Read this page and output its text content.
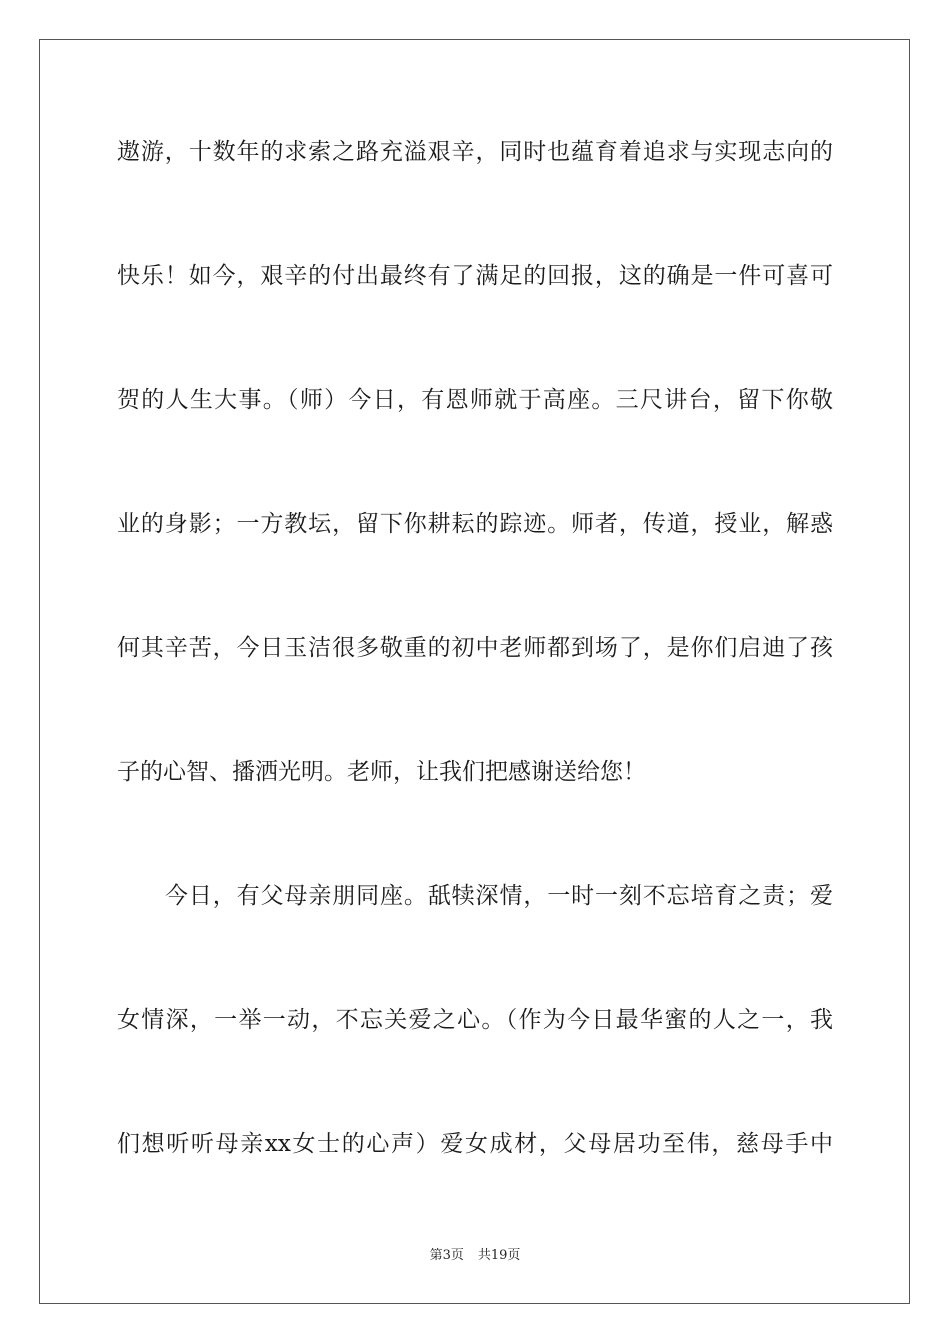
遨游，十数年的求索之路充溢艰辛，同时也蕴育着追求与实现志向的
快乐！如今，艰辛的付出最终有了满足的回报，这的确是一件可喜可
贺的人生大事。（师）今日，有恩师就于高座。三尺讲台，留下你敬
业的身影；一方教坛，留下你耕耘的踪迹。师者，传道，授业，解惑
何其辛苦，今日玉洁很多敬重的初中老师都到场了，是你们启迪了孩
子的心智、播洒光明。老师，让我们把感谢送给您！
今日，有父母亲朋同座。舐犊深情，一时一刻不忘培育之责；爱
女情深，一举一动，不忘关爱之心。（作为今日最华蜜的人之一，我
们想听听母亲xx女士的心声）爱女成材，父母居功至伟，慈母手中
第3页 共19页
